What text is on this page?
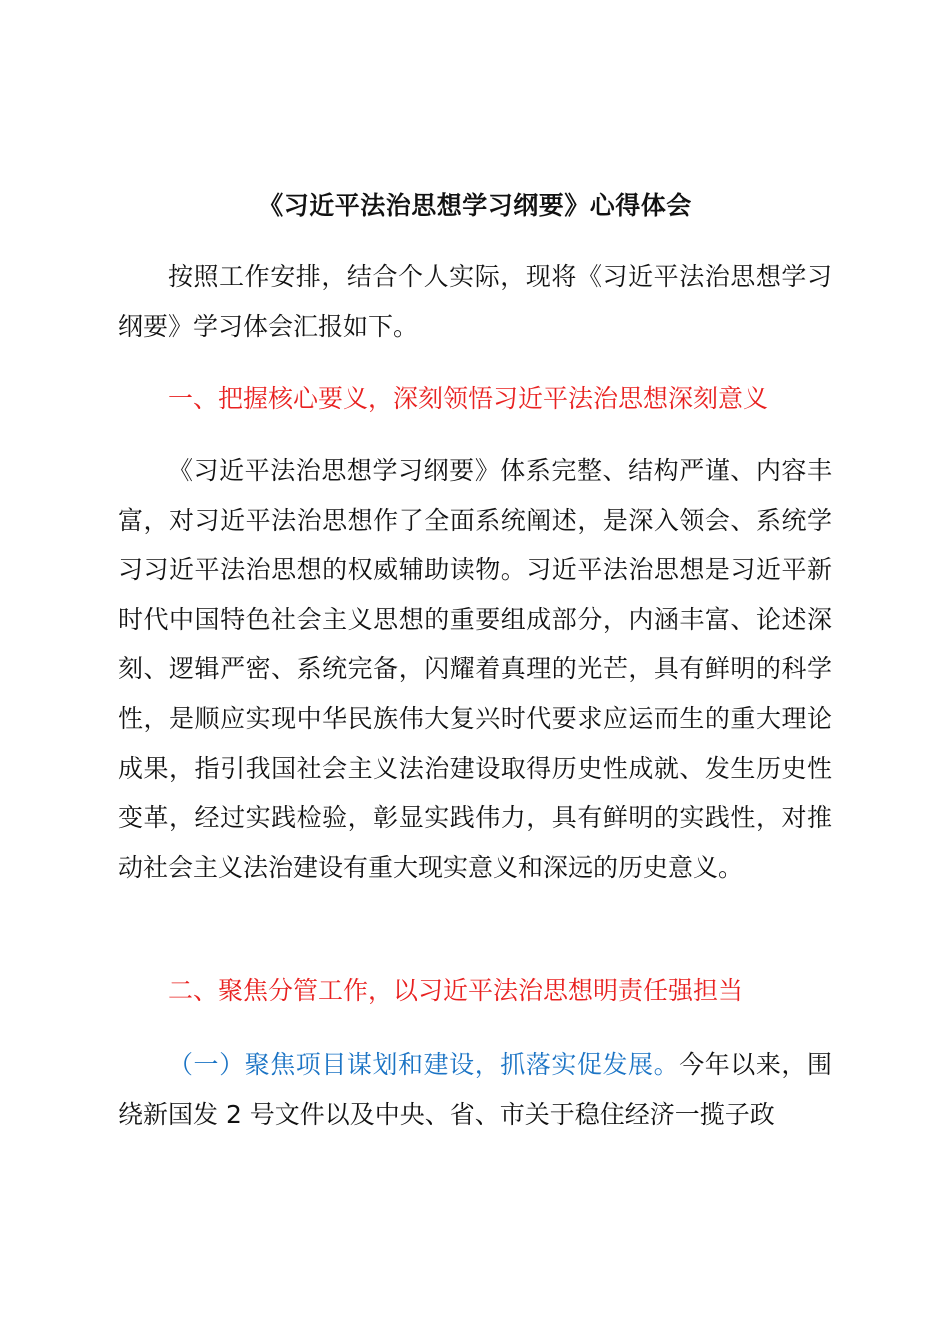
《习近平法治思想学习纲要》心得体会

按照工作安排，结合个人实际，现将《习近平法治思想学习纲要》学习体会汇报如下。

一、把握核心要义，深刻领悟习近平法治思想深刻意义

《习近平法治思想学习纲要》体系完整、结构严谨、内容丰富，对习近平法治思想作了全面系统阐述，是深入领会、系统学习习近平法治思想的权威辅助读物。习近平法治思想是习近平新时代中国特色社会主义思想的重要组成部分，内涵丰富、论述深刻、逻辑严密、系统完备，闪耀着真理的光芒，具有鲜明的科学性，是顺应实现中华民族伟大复兴时代要求应运而生的重大理论成果，指引我国社会主义法治建设取得历史性成就、发生历史性变革，经过实践检验，彰显实践伟力，具有鲜明的实践性，对推动社会主义法治建设有重大现实意义和深远的历史意义。

二、聚焦分管工作，以习近平法治思想明责任强担当

（一）聚焦项目谋划和建设，抓落实促发展。今年以来，围绕新国发 2 号文件以及中央、省、市关于稳住经济一揽子政
